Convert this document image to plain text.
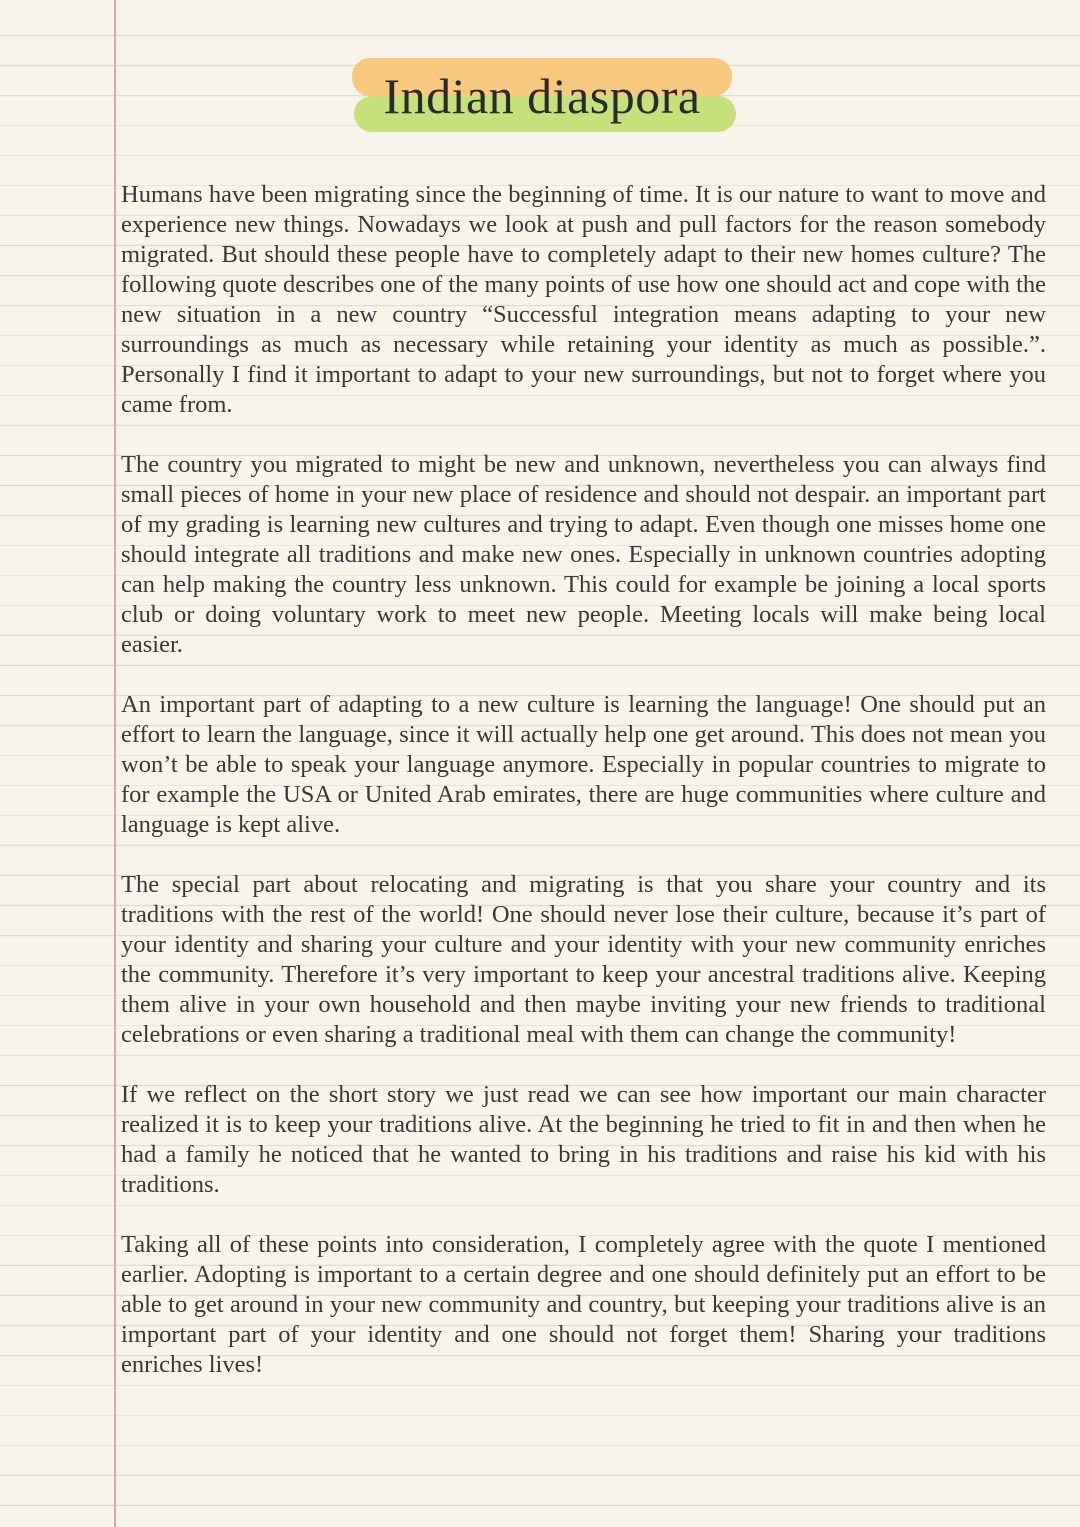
Indian diaspora

Humans have been migrating since the beginning of time. It is our nature to want to move and experience new things. Nowadays we look at push and pull factors for the reason somebody migrated. But should these people have to completely adapt to their new homes culture? The following quote describes one of the many points of use how one should act and cope with the new situation in a new country “Successful integration means adapting to your new surroundings as much as necessary while retaining your identity as much as possible.”. Personally I find it important to adapt to your new surroundings, but not to forget where you came from.

The country you migrated to might be new and unknown, nevertheless you can always find small pieces of home in your new place of residence and should not despair. an important part of my grading is learning new cultures and trying to adapt. Even though one misses home one should integrate all traditions and make new ones. Especially in unknown countries adopting can help making the country less unknown. This could for example be joining a local sports club or doing voluntary work to meet new people. Meeting locals will make being local easier.

An important part of adapting to a new culture is learning the language! One should put an effort to learn the language, since it will actually help one get around. This does not mean you won’t be able to speak your language anymore. Especially in popular countries to migrate to for example the USA or United Arab emirates, there are huge communities where culture and language is kept alive.

The special part about relocating and migrating is that you share your country and its traditions with the rest of the world! One should never lose their culture, because it’s part of your identity and sharing your culture and your identity with your new community enriches the community. Therefore it’s very important to keep your ancestral traditions alive. Keeping them alive in your own household and then maybe inviting your new friends to traditional celebrations or even sharing a traditional meal with them can change the community!

If we reflect on the short story we just read we can see how important our main character realized it is to keep your traditions alive. At the beginning he tried to fit in and then when he had a family he noticed that he wanted to bring in his traditions and raise his kid with his traditions.

Taking all of these points into consideration, I completely agree with the quote I mentioned earlier. Adopting is important to a certain degree and one should definitely put an effort to be able to get around in your new community and country, but keeping your traditions alive is an important part of your identity and one should not forget them! Sharing your traditions enriches lives!
